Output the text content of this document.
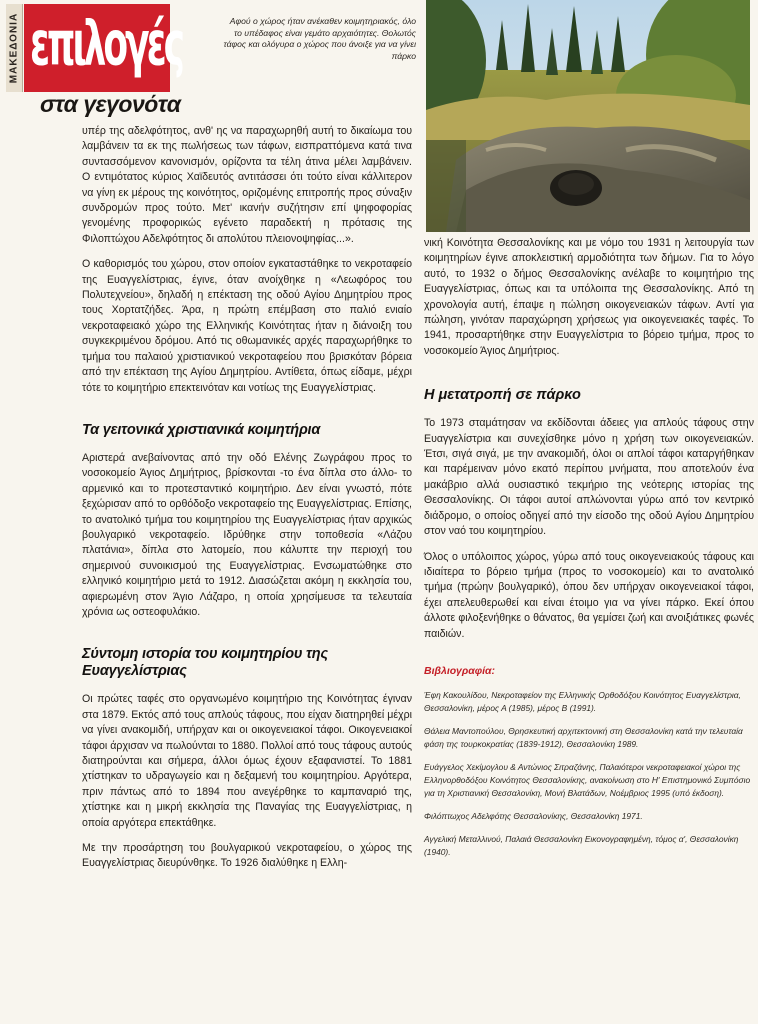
ΜΑΚΕΔΟΝΙΑ επιλογές
στα γεγονότα
Αφού ο χώρος ήταν ανέκαθεν κοιμητηριακός, όλο το υπέδαφος είναι γεμάτο αρχαιότητες. Θολωτός τάφος και ολόγυρα ο χώρος που άνοιξε για να γίνει πάρκο

υπέρ της αδελφότητος, ανθ' ης να παραχωρηθή αυτή το δικαίωμα του λαμβάνειν τα εκ της πωλήσεως των τάφων, εισπραττόμενα κατά τινα συντασσόμενον κανονισμόν, ορίζοντα τα τέλη άτινα μέλει λαμβάνειν. Ο εντιμότατος κύριος Χαϊδευτός αντιτάσσει ότι τούτο είναι κάλλιτερον να γίνη εκ μέρους της κοινότητος, οριζομένης επιτροπής προς σύναξιν συνδρομών προς τούτο. Μετ' ικανήν συζήτησιν επί ψηφοφορίας γενομένης προφορικώς εγένετο παραδεκτή η πρότασις της Φιλοπτώχου Αδελφότητος δι απολύτου πλειονοψηφίας...».

Ο καθορισμός του χώρου, στον οποίον εγκαταστάθηκε το νεκροταφείο της Ευαγγελίστριας, έγινε, όταν ανοίχθηκε η «Λεωφόρος του Πολυτεχνείου», δηλαδή η επέκταση της οδού Αγίου Δημητρίου προς τους Χορτατζήδες. Άρα, η πρώτη επέμβαση στο παλιό ενιαίο νεκροταφειακό χώρο της Ελληνικής Κοινότητας ήταν η διάνοιξη του συγκεκριμένου δρόμου. Από τις οθωμανικές αρχές παραχωρήθηκε το τμήμα του παλαιού χριστιανικού νεκροταφείου που βρισκόταν βόρεια από την επέκταση της Αγίου Δημητρίου. Αντίθετα, όπως είδαμε, μέχρι τότε το κοιμητήριο επεκτεινόταν και νοτίως της Ευαγγελίστριας.

Τα γειτονικά χριστιανικά κοιμητήρια

Αριστερά ανεβαίνοντας από την οδό Ελένης Ζωγράφου προς το νοσοκομείο Άγιος Δημήτριος, βρίσκονται -το ένα δίπλα στο άλλο- το αρμενικό και το προτεσταντικό κοιμητήριο. Δεν είναι γνωστό, πότε ξεχώρισαν από το ορθόδοξο νεκροταφείο της Ευαγγελίστριας. Επίσης, το ανατολικό τμήμα του κοιμητηρίου της Ευαγγελίστριας ήταν αρχικώς βουλγαρικό νεκροταφείο. Ιδρύθηκε στην τοποθεσία «Λάζου πλατάνια», δίπλα στο λατομείο, που κάλυπτε την περιοχή του σημερινού συνοικισμού της Ευαγγελίστριας. Ενσωματώθηκε στο ελληνικό κοιμητήριο μετά το 1912. Διασώζεται ακόμη η εκκλησία του, αφιερωμένη στον Άγιο Λάζαρο, η οποία χρησίμευσε τα τελευταία χρόνια ως οστεοφυλάκιο.

Σύντομη ιστορία του κοιμητηρίου της Ευαγγελίστριας

Οι πρώτες ταφές στο οργανωμένο κοιμητήριο της Κοινότητας έγιναν στα 1879. Εκτός από τους απλούς τάφους, που είχαν διατηρηθεί μέχρι να γίνει ανακομιδή, υπήρχαν και οι οικογενειακοί τάφοι. Οικογενειακοί τάφοι άρχισαν να πωλούνται το 1880. Πολλοί από τους τάφους αυτούς διατηρούνται και σήμερα, άλλοι όμως έχουν εξαφανιστεί. Το 1881 χτίστηκαν το υδραγωγείο και η δεξαμενή του κοιμητηρίου. Αργότερα, πριν πάντως από το 1894 που ανεγέρθηκε το καμπαναριό της, χτίστηκε και η μικρή εκκλησία της Παναγίας της Ευαγγελίστριας, η οποία αργότερα επεκτάθηκε.

Με την προσάρτηση του βουλγαρικού νεκροταφείου, ο χώρος της Ευαγγελίστριας διευρύνθηκε. Το 1926 διαλύθηκε η Ελλη-

νική Κοινότητα Θεσσαλονίκης και με νόμο του 1931 η λειτουργία των κοιμητηρίων έγινε αποκλειστική αρμοδιότητα των δήμων. Για το λόγο αυτό, το 1932 ο δήμος Θεσσαλονίκης ανέλαβε το κοιμητήριο της Ευαγγελίστριας, όπως και τα υπόλοιπα της Θεσσαλονίκης. Από τη χρονολογία αυτή, έπαψε η πώληση οικογενειακών τάφων. Αντί για πώληση, γινόταν παραχώρηση χρήσεως για οικογενειακές ταφές. Το 1941, προσαρτήθηκε στην Ευαγγελίστρια το βόρειο τμήμα, προς το νοσοκομείο Άγιος Δημήτριος.

Η μετατροπή σε πάρκο

Το 1973 σταμάτησαν να εκδίδονται άδειες για απλούς τάφους στην Ευαγγελίστρια και συνεχίσθηκε μόνο η χρήση των οικογενειακών. Έτσι, σιγά σιγά, με την ανακομιδή, όλοι οι απλοί τάφοι καταργήθηκαν και παρέμειναν μόνο εκατό περίπου μνήματα, που αποτελούν ένα μακάβριο αλλά ουσιαστικό τεκμήριο της νεότερης ιστορίας της Θεσσαλονίκης. Οι τάφοι αυτοί απλώνονται γύρω από τον κεντρικό διάδρομο, ο οποίος οδηγεί από την είσοδο της οδού Αγίου Δημητρίου στον ναό του κοιμητηρίου.

Όλος ο υπόλοιπος χώρος, γύρω από τους οικογενειακούς τάφους και ιδιαίτερα το βόρειο τμήμα (προς το νοσοκομείο) και το ανατολικό τμήμα (πρώην βουλγαρικό), όπου δεν υπήρχαν οικογενειακοί τάφοι, έχει απελευθερωθεί και είναι έτοιμο για να γίνει πάρκο. Εκεί όπου άλλοτε φιλοξενήθηκε ο θάνατος, θα γεμίσει ζωή και ανοιξιάτικες φωνές παιδιών.

Βιβλιογραφία:
Έφη Κακουλίδου, Νεκροταφείον της Ελληνικής Ορθοδόξου Κοινότητος Ευαγγελίστρια, Θεσσαλονίκη, μέρος Α (1985), μέρος Β (1991).
Θάλεια Μαντοπούλου, Θρησκευτική αρχιτεκτονική στη Θεσσαλονίκη κατά την τελευταία φάση της τουρκοκρατίας (1839-1912), Θεσσαλονίκη 1989.
Ευάγγελος Χεκίμογλου & Αντώνιος Σιτραζάνης, Παλαιότεροι νεκροταφειακοί χώροι της Ελληνορθοδόξου Κοινότητος Θεσσαλονίκης, ανακοίνωση στο Η' Επιστημονικό Συμπόσιο για τη Χριστιανική Θεσσαλονίκη, Μονή Βλατάδων, Νοέμβριος 1995 (υπό έκδοση).
Φιλόπτωχος Αδελφότης Θεσσαλονίκης, Θεσσαλονίκη 1971.
Αγγελική Μεταλλινού, Παλαιά Θεσσαλονίκη Εικονογραφημένη, τόμος α', Θεσσαλονίκη (1940).
